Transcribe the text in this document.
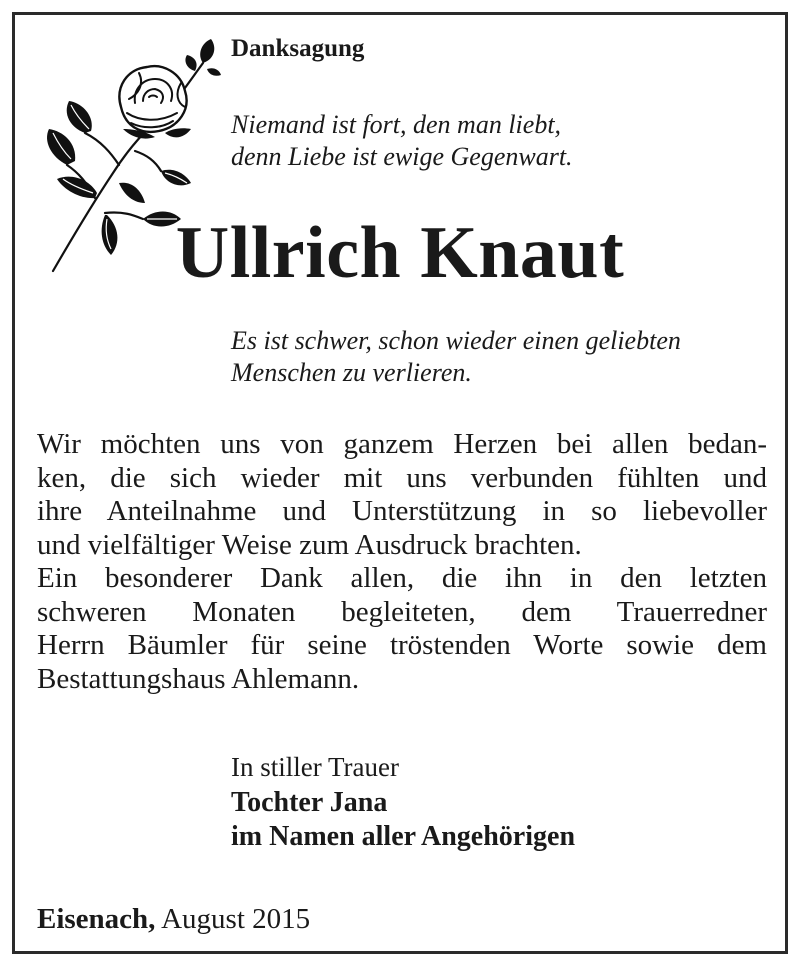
Danksagung
Niemand ist fort, den man liebt,
denn Liebe ist ewige Gegenwart.
Ullrich Knaut
Es ist schwer, schon wieder einen geliebten
Menschen zu verlieren.
Wir möchten uns von ganzem Herzen bei allen bedan-
ken, die sich wieder mit uns verbunden fühlten und
ihre Anteilnahme und Unterstützung in so liebevoller
und vielfältiger Weise zum Ausdruck brachten.
Ein besonderer Dank allen, die ihn in den letzten
schweren Monaten begleiteten, dem Trauerredner
Herrn Bäumler für seine tröstenden Worte sowie dem
Bestattungshaus Ahlemann.
In stiller Trauer
Tochter Jana
im Namen aller Angehörigen
Eisenach, August 2015
